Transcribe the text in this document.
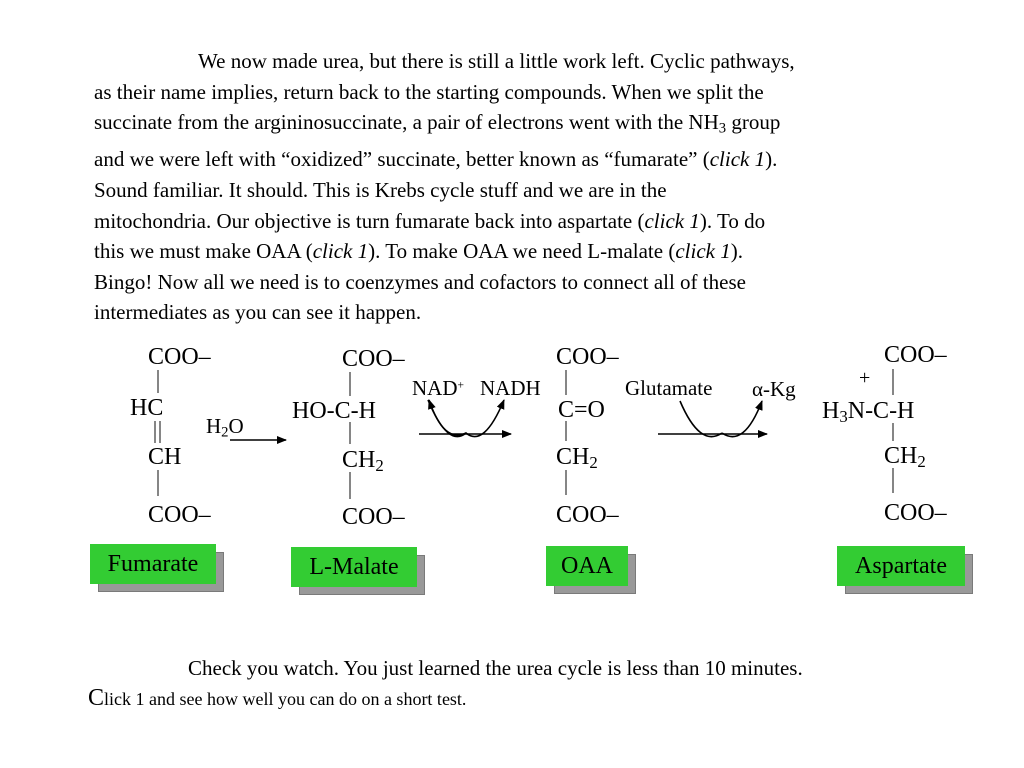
We now made urea, but there is still a little work left. Cyclic pathways,
as their name implies, return back to the starting compounds. When we split the
succinate from the argininosuccinate, a pair of electrons went with the $NH_3$ group
and we were left with “oxidized” succinate, better known as “fumarate” (click 1).
Sound familiar. It should. This is Krebs cycle stuff and we are in the
mitochondria. Our objective is turn fumarate back into aspartate (click 1). To do
this we must make OAA (click 1). To make OAA we need L-malate (click 1).
Bingo! Now all we need is to coenzymes and cofactors to connect all of these
intermediates as you can see it happen.
COO–
HC
CH
COO–
$H_2O$
COO–
HO-C-H
$CH_2$
COO–
NAD+ NADH
COO–
C=O
$CH_2$
COO–
Glutamate α-Kg
COO–
+
$H_3N-C-H$
$CH_2$
COO–
Fumarate	L-Malate	OAA	Aspartate
Check you watch. You just learned the urea cycle is less than 10 minutes.
Click 1 and see how well you can do on a short test.
